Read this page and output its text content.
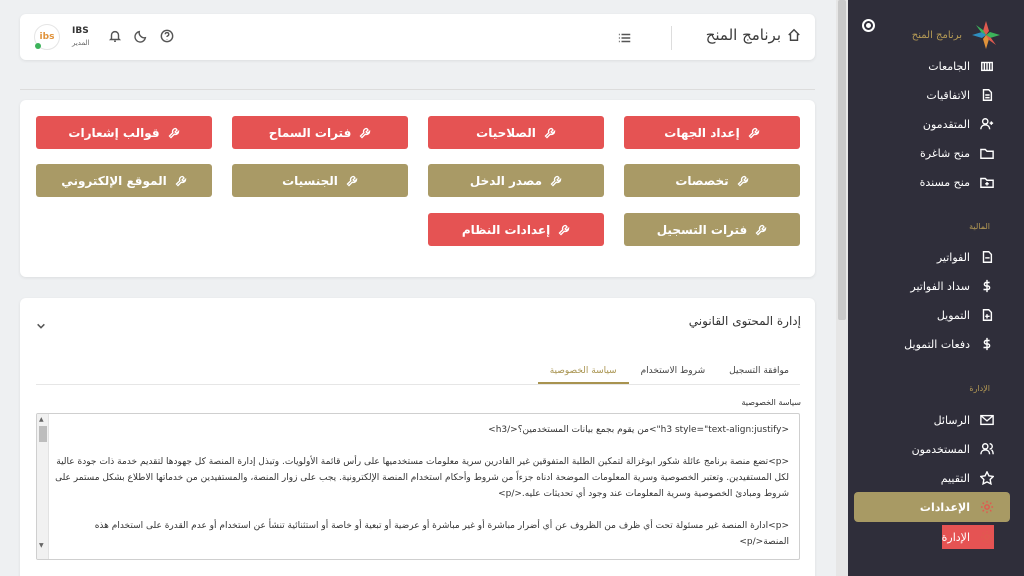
برنامج المنح
الجامعات
الاتفاقيات
المتقدمون
منح شاغرة
منح مسندة
المالية
الفواتير
سداد الفواتير
التمويل
دفعات التمويل
الإدارة
الرسائل
المستخدمون
التقييم
الإعدادات
الإدارة
برنامج المنح
ibs
IBS
المدير
إعداد الجهات
الصلاحيات
فترات السماح
قوالب إشعارات
تخصصات
مصدر الدخل
الجنسيات
الموقع الإلكتروني
فترات التسجيل
إعدادات النظام
إدارة المحتوى القانوني
سياسة الخصوصية	شروط الاستخدام	موافقة التسجيل
سياسة الخصوصية
▲
▼

<h3 style="text-align:justify">من يقوم بجمع بيانات المستخدمين؟</h3>

<p>تضع منصة برنامج عائلة شكور ابوغزالة لتمكين الطلبة المتفوقين غير القادرين سرية معلومات مستخدميها على رأس قائمة الأولويات. وتبذل إدارة المنصة كل جهودها لتقديم خدمة ذات جودة عالية لكل المستفيدين. وتعتبر الخصوصية وسرية المعلومات الموضحة ادناه جزءاً من شروط وأحكام استخدام المنصة الإلكترونية. يجب على زوار المنصة، والمستفيدين من خدماتها الاطلاع بشكل مستمر على شروط ومبادئ الخصوصية وسرية المعلومات عند وجود أي تحديثات عليه.</p>

<p>ادارة المنصة غير مسئولة تحت أي ظرف من الظروف عن أي أضرار مباشرة أو غير مباشرة أو عرضية أو تبعية أو خاصة أو استثنائية تنشأ عن استخدام أو عدم القدرة على استخدام هذه المنصة</p>
